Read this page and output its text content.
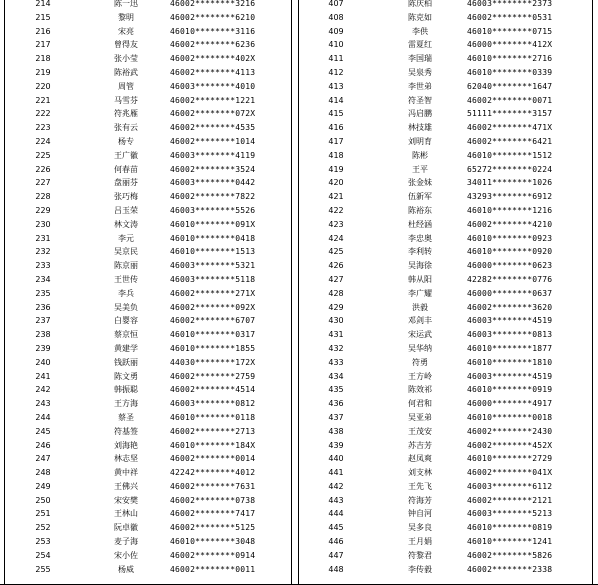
214	陈一迅	46002********3216
215	黎明	46002********6210
216	宋亮	46010********3116
217	曾得友	46002********6236
218	张小莹	46002********402X
219	陈裕武	46002********4113
220	周管	46003********4010
221	马雪芬	46002********1221
222	符兆雁	46002********072X
223	张有云	46002********4535
224	杨专	46002********1014
225	王广徽	46003********4119
226	何春苗	46002********3524
227	盘丽芬	46003********0442
228	张巧梅	46002********7822
229	吕玉荣	46003********5526
230	林文涛	46010********091X
231	李元	46010********0418
232	吴京民	46010********1513
233	陈京丽	46003********5321
234	王世传	46003********5118
235	李兵	46002********271X
236	吴美负	46002********092X
237	白婴容	46002********6707
238	蔡京恒	46010********0317
239	黄建学	46010********1855
240	钱跃丽	44030********172X
241	陈文勇	46002********2759
242	韩振聪	46002********4514
243	王方海	46003********0812
244	蔡圣	46010********0118
245	符基签	46002********2713
246	刘海艳	46010********184X
247	林志坚	46002********0014
248	黄中祥	42242********4012
249	王佛兴	46002********7631
250	宋安樊	46002********0738
251	王林山	46002********7417
252	阮卓徽	46002********5125
253	麦子海	46010********3048
254	宋小佐	46002********0914
255	杨威	46002********0011
407	陈庆柏	46003********2373
408	陈克如	46002********0531
409	李供	46010********0715
410	雷夏红	46000********412X
411	李国瑞	46010********2716
412	吴泉秀	46010********0339
413	李世弟	62040********1647
414	符圣智	46002********0071
415	冯启鹏	51111********3157
416	林技雄	46002********471X
417	刘明育	46002********6421
418	陈彬	46010********1512
419	王平	65272********0224
420	张金妹	34011********1026
421	伍新军	43293********6912
422	陈裕东	46010********1216
423	杜经涵	46002********4210
424	李忠奥	46010********0923
425	李利转	46010********0920
426	吴海徐	46000********0623
427	韩从阳	42282********0776
428	李广耀	46000********0637
429	洪毅	46002********3620
430	邓剑丰	46003********4519
431	宋运武	46003********0813
432	吴华纳	46010********1877
433	符勇	46010********1810
434	王方岭	46003********4519
435	陈效祁	46010********0919
436	何君和	46000********4917
437	吴亚弟	46010********0018
438	王茂安	46002********2430
439	苏吉芳	46002********452X
440	赵凤爽	46010********2729
441	刘支林	46002********041X
442	王先飞	46003********6112
443	符海芳	46002********2121
444	钟自河	46003********5213
445	吴多良	46010********0819
446	王月娟	46010********1241
447	符黎君	46002********5826
448	李传毅	46002********2338
